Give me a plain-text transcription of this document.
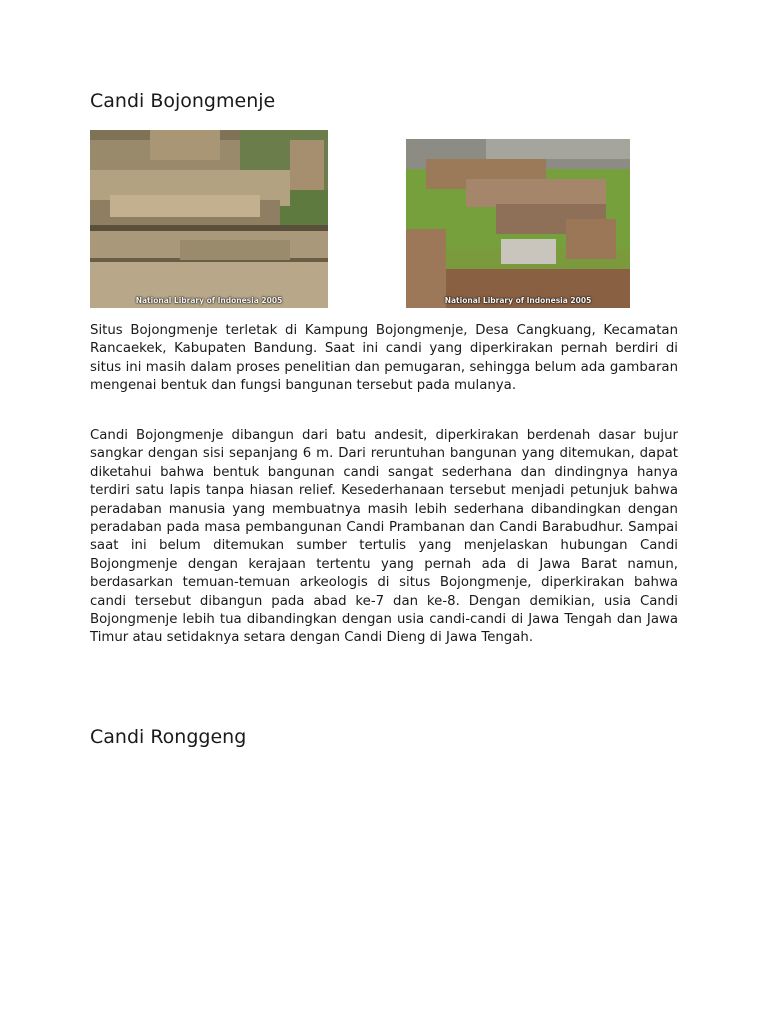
Candi Bojongmenje
National Library of Indonesia 2005	National Library of Indonesia 2005

Situs Bojongmenje terletak di Kampung Bojongmenje, Desa Cangkuang, Kecamatan Rancaekek, Kabupaten Bandung. Saat ini candi yang diperkirakan pernah berdiri di situs ini masih dalam proses penelitian dan pemugaran, sehingga belum ada gambaran mengenai bentuk dan fungsi bangunan tersebut pada mulanya.

Candi Bojongmenje dibangun dari batu andesit, diperkirakan berdenah dasar bujur sangkar dengan sisi sepanjang 6 m. Dari reruntuhan bangunan yang ditemukan, dapat diketahui bahwa bentuk bangunan candi sangat sederhana dan dindingnya hanya terdiri satu lapis tanpa hiasan relief. Kesederhanaan tersebut menjadi petunjuk bahwa peradaban manusia yang membuatnya masih lebih sederhana dibandingkan dengan peradaban pada masa pembangunan Candi Prambanan dan Candi Barabudhur. Sampai saat ini belum ditemukan sumber tertulis yang menjelaskan hubungan Candi Bojongmenje dengan kerajaan tertentu yang pernah ada di Jawa Barat namun, berdasarkan temuan-temuan arkeologis di situs Bojongmenje, diperkirakan bahwa candi tersebut dibangun pada abad ke-7 dan ke-8. Dengan demikian, usia Candi Bojongmenje lebih tua dibandingkan dengan usia candi-candi di Jawa Tengah dan Jawa Timur atau setidaknya setara dengan Candi Dieng di Jawa Tengah.

Candi Ronggeng
